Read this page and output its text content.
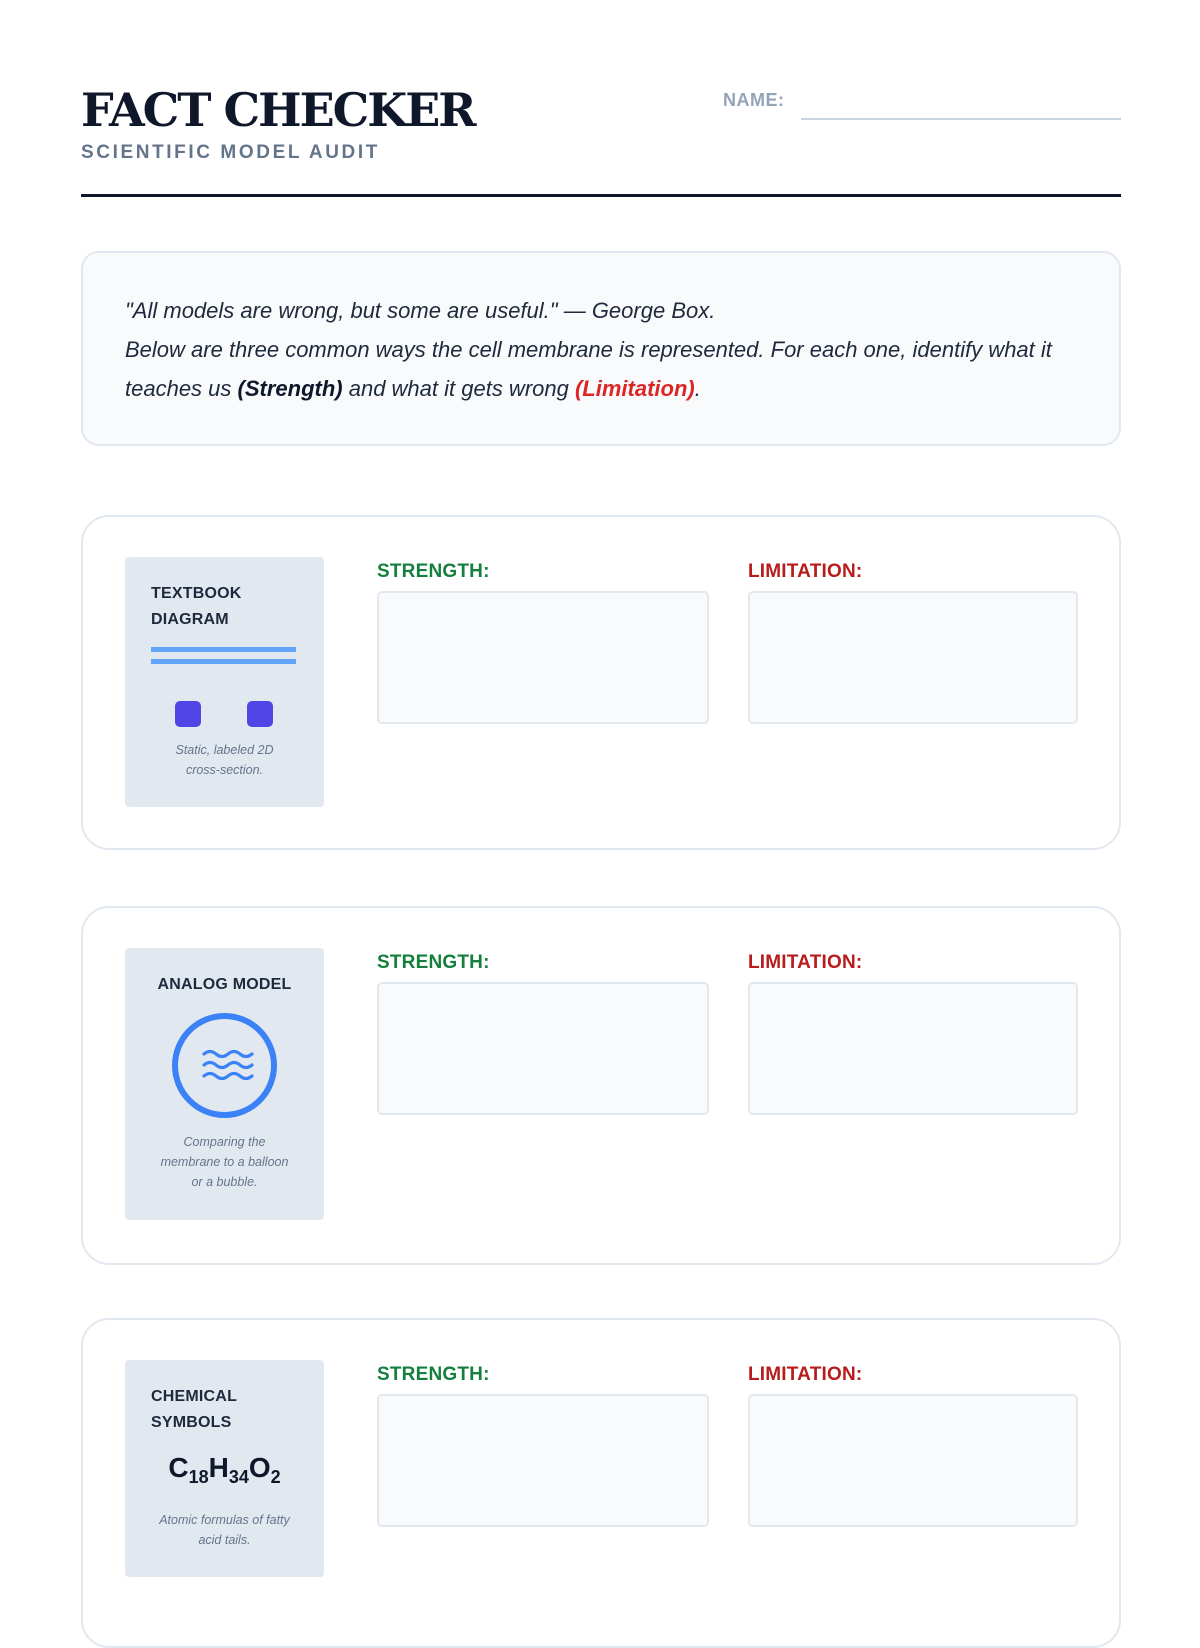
FACT CHECKER
SCIENTIFIC MODEL AUDIT
NAME:
"All models are wrong, but some are useful." — George Box.
Below are three common ways the cell membrane is represented. For each one, identify what it teaches us (Strength) and what it gets wrong (Limitation).
TEXTBOOK
DIAGRAM
Static, labeled 2D
cross-section.
STRENGTH:	LIMITATION:
ANALOG MODEL
Comparing the
membrane to a balloon
or a bubble.
STRENGTH:	LIMITATION:
CHEMICAL
SYMBOLS
$C_{18}H_{34}O_2$
Atomic formulas of fatty
acid tails.
STRENGTH:	LIMITATION:
